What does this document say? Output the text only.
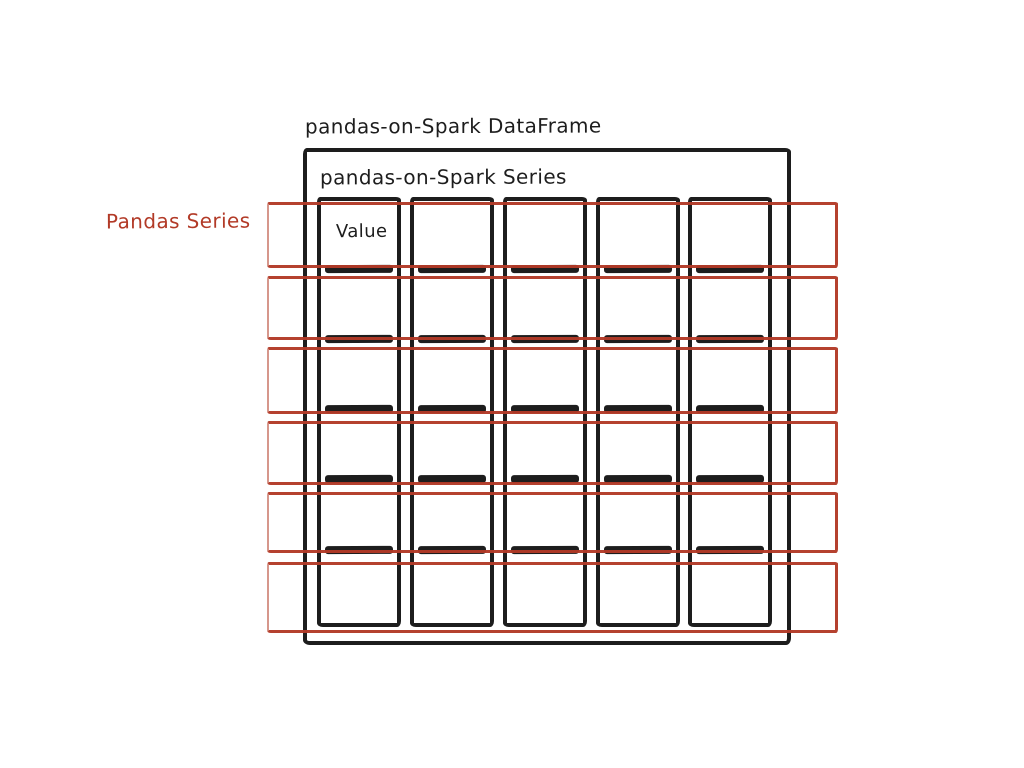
pandas-on-Spark DataFrame
pandas-on-Spark Series
Pandas Series	Value
